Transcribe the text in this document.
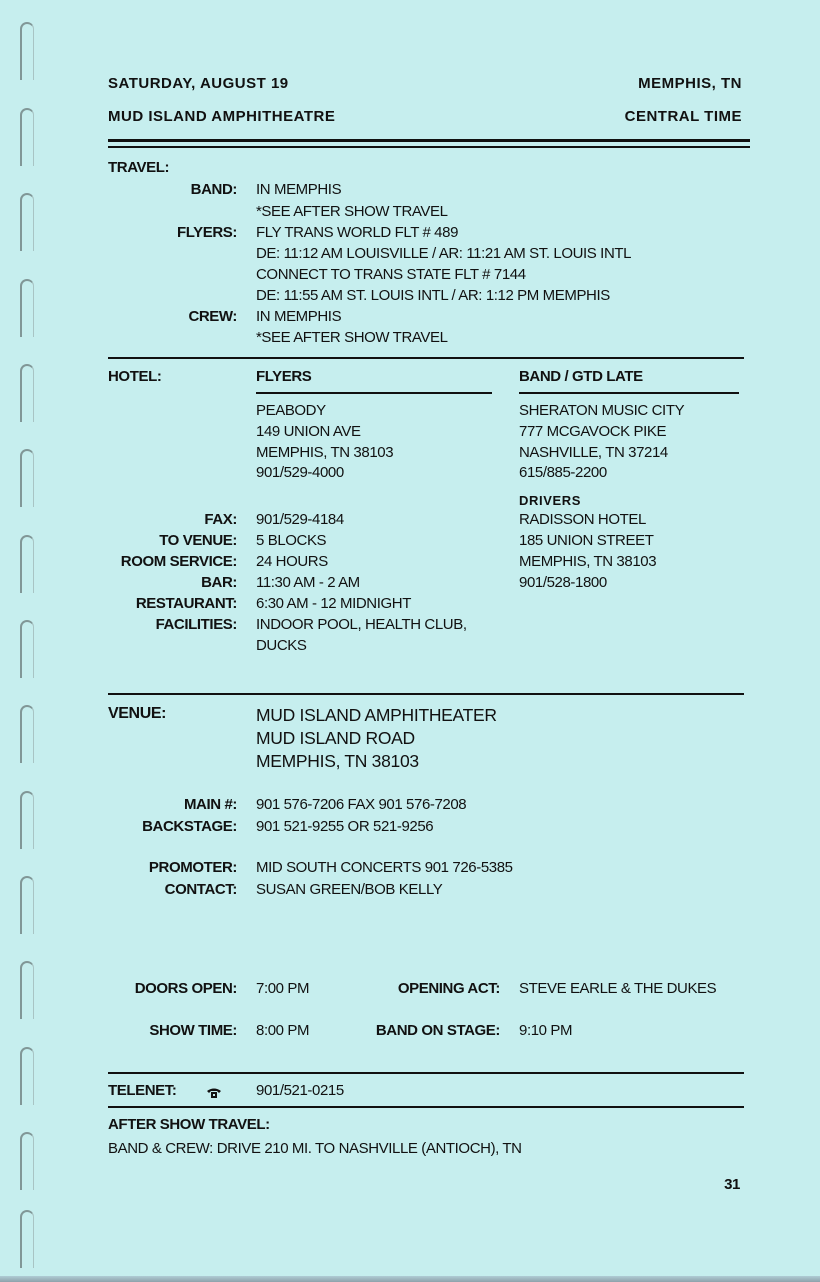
SATURDAY, AUGUST 19	MEMPHIS, TN
MUD ISLAND AMPHITHEATRE	CENTRAL TIME
TRAVEL:
BAND: IN MEMPHIS
*SEE AFTER SHOW TRAVEL
FLYERS: FLY TRANS WORLD FLT # 489
DE: 11:12 AM LOUISVILLE / AR: 11:21 AM ST. LOUIS INTL
CONNECT TO TRANS STATE FLT # 7144
DE: 11:55 AM ST. LOUIS INTL / AR: 1:12 PM MEMPHIS
CREW: IN MEMPHIS
*SEE AFTER SHOW TRAVEL
HOTEL:	FLYERS	BAND / GTD LATE
PEABODY
149 UNION AVE
MEMPHIS, TN 38103
901/529-4000
SHERATON MUSIC CITY
777 MCGAVOCK PIKE
NASHVILLE, TN 37214
615/885-2200
DRIVERS
RADISSON HOTEL
185 UNION STREET
MEMPHIS, TN 38103
901/528-1800
FAX: 901/529-4184
TO VENUE: 5 BLOCKS
ROOM SERVICE: 24 HOURS
BAR: 11:30 AM - 2 AM
RESTAURANT: 6:30 AM - 12 MIDNIGHT
FACILITIES: INDOOR POOL, HEALTH CLUB,
DUCKS
VENUE:	MUD ISLAND AMPHITHEATER
MUD ISLAND ROAD
MEMPHIS, TN 38103
MAIN #: 901 576-7206 FAX 901 576-7208
BACKSTAGE: 901 521-9255 OR 521-9256
PROMOTER: MID SOUTH CONCERTS 901 726-5385
CONTACT: SUSAN GREEN/BOB KELLY
DOORS OPEN: 7:00 PM	OPENING ACT: STEVE EARLE & THE DUKES
SHOW TIME: 8:00 PM	BAND ON STAGE: 9:10 PM
TELENET:	901/521-0215
AFTER SHOW TRAVEL:
BAND & CREW: DRIVE 210 MI. TO NASHVILLE (ANTIOCH), TN
31
